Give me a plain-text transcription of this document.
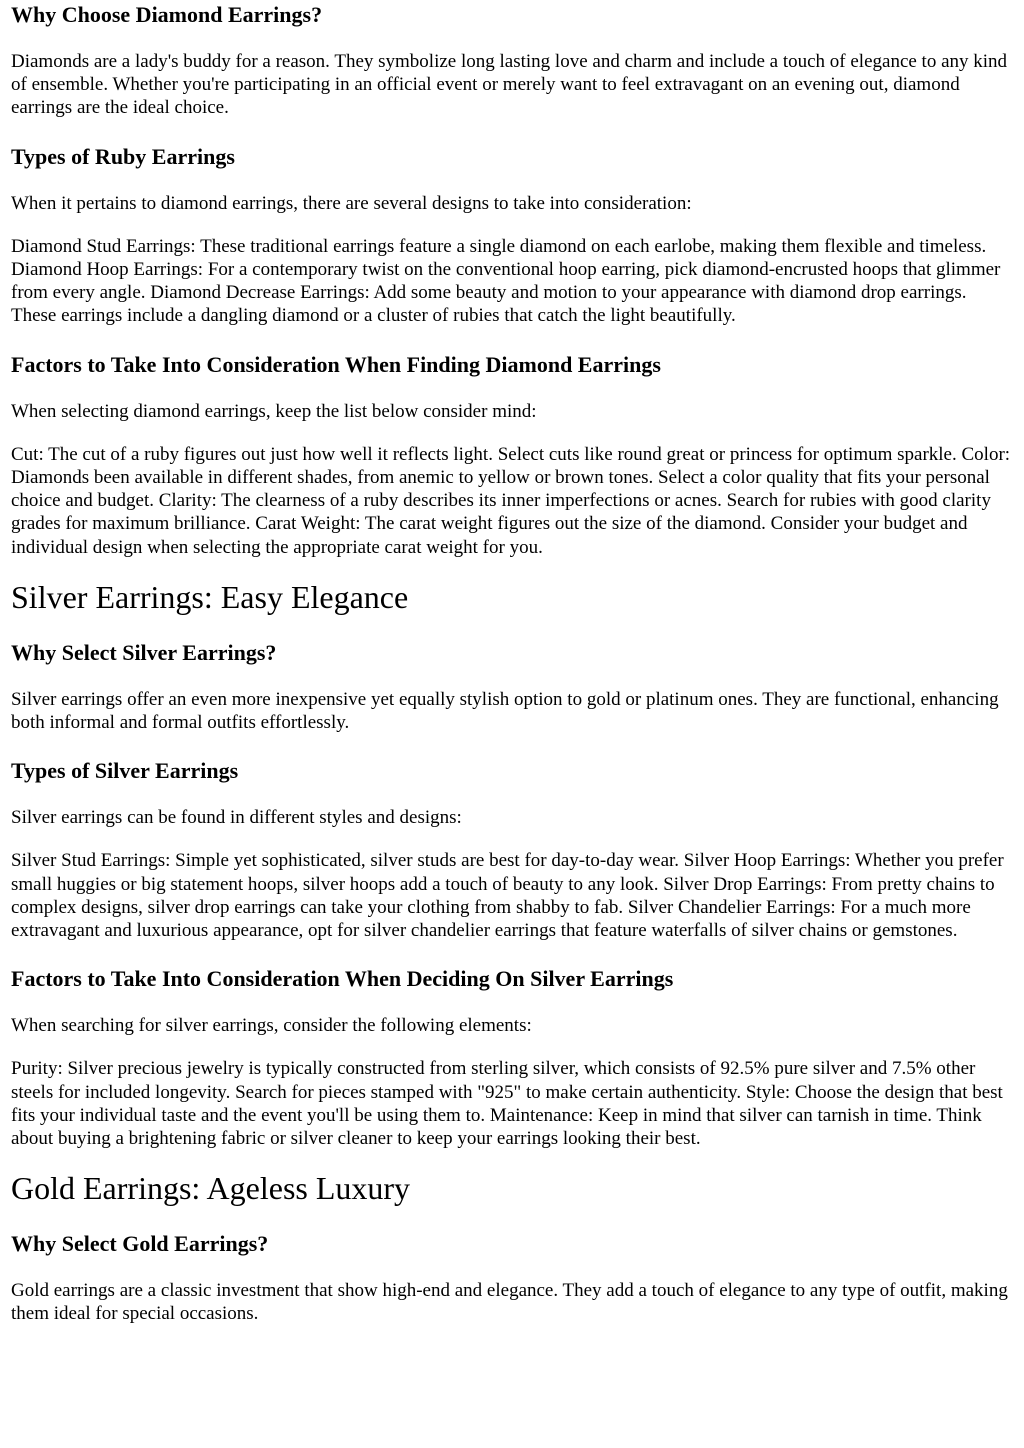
Why Choose Diamond Earrings?

Diamonds are a lady's buddy for a reason. They symbolize long lasting love and charm and include a touch of elegance to any kind of ensemble. Whether you're participating in an official event or merely want to feel extravagant on an evening out, diamond earrings are the ideal choice.

Types of Ruby Earrings

When it pertains to diamond earrings, there are several designs to take into consideration:

Diamond Stud Earrings: These traditional earrings feature a single diamond on each earlobe, making them flexible and timeless. Diamond Hoop Earrings: For a contemporary twist on the conventional hoop earring, pick diamond-encrusted hoops that glimmer from every angle. Diamond Decrease Earrings: Add some beauty and motion to your appearance with diamond drop earrings. These earrings include a dangling diamond or a cluster of rubies that catch the light beautifully.

Factors to Take Into Consideration When Finding Diamond Earrings

When selecting diamond earrings, keep the list below consider mind:

Cut: The cut of a ruby figures out just how well it reflects light. Select cuts like round great or princess for optimum sparkle. Color: Diamonds been available in different shades, from anemic to yellow or brown tones. Select a color quality that fits your personal choice and budget. Clarity: The clearness of a ruby describes its inner imperfections or acnes. Search for rubies with good clarity grades for maximum brilliance. Carat Weight: The carat weight figures out the size of the diamond. Consider your budget and individual design when selecting the appropriate carat weight for you.

Silver Earrings: Easy Elegance
Why Select Silver Earrings?

Silver earrings offer an even more inexpensive yet equally stylish option to gold or platinum ones. They are functional, enhancing both informal and formal outfits effortlessly.

Types of Silver Earrings

Silver earrings can be found in different styles and designs:

Silver Stud Earrings: Simple yet sophisticated, silver studs are best for day-to-day wear. Silver Hoop Earrings: Whether you prefer small huggies or big statement hoops, silver hoops add a touch of beauty to any look. Silver Drop Earrings: From pretty chains to complex designs, silver drop earrings can take your clothing from shabby to fab. Silver Chandelier Earrings: For a much more extravagant and luxurious appearance, opt for silver chandelier earrings that feature waterfalls of silver chains or gemstones.

Factors to Take Into Consideration When Deciding On Silver Earrings

When searching for silver earrings, consider the following elements:

Purity: Silver precious jewelry is typically constructed from sterling silver, which consists of 92.5% pure silver and 7.5% other steels for included longevity. Search for pieces stamped with "925" to make certain authenticity. Style: Choose the design that best fits your individual taste and the event you'll be using them to. Maintenance: Keep in mind that silver can tarnish in time. Think about buying a brightening fabric or silver cleaner to keep your earrings looking their best.

Gold Earrings: Ageless Luxury
Why Select Gold Earrings?

Gold earrings are a classic investment that show high-end and elegance. They add a touch of elegance to any type of outfit, making them ideal for special occasions.
